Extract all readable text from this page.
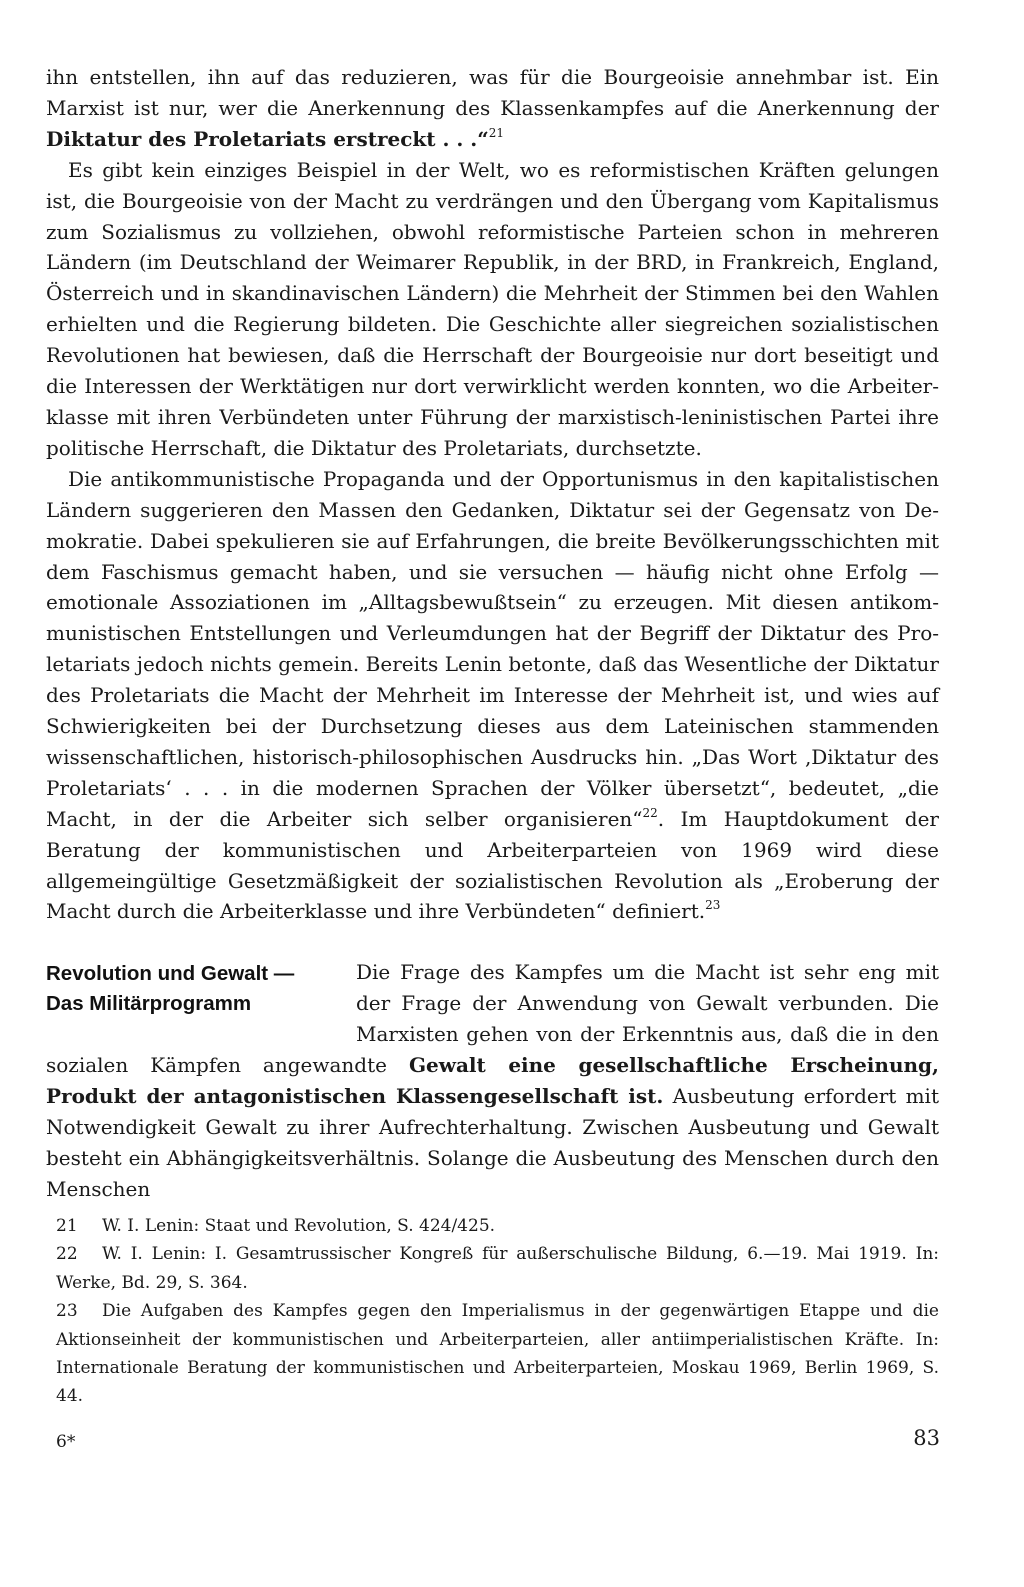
ihn entstellen, ihn auf das reduzieren, was für die Bourgeoisie annehmbar ist. Ein Marxist ist nur, wer die Anerkennung des Klassenkampfes auf die Anerkennung der Diktatur des Proletariats erstreckt . . .“$^{21}$

Es gibt kein einziges Beispiel in der Welt, wo es reformistischen Kräften gelungen ist, die Bourgeoisie von der Macht zu verdrängen und den Übergang vom Kapitalismus zum Sozialismus zu vollziehen, obwohl reformistische Parteien schon in mehreren Ländern (im Deutschland der Weimarer Republik, in der BRD, in Frankreich, England, Österreich und in skandinavischen Ländern) die Mehrheit der Stimmen bei den Wahlen erhielten und die Regierung bildeten. Die Geschichte aller siegreichen sozialistischen Revolutionen hat bewiesen, daß die Herrschaft der Bourgeoisie nur dort beseitigt und die Interessen der Werktätigen nur dort verwirklicht werden konnten, wo die Arbeiterklasse mit ihren Verbündeten unter Führung der marxistisch-leninistischen Partei ihre politische Herrschaft, die Diktatur des Proletariats, durchsetzte.

Die antikommunistische Propaganda und der Opportunismus in den kapitalistischen Ländern suggerieren den Massen den Gedanken, Diktatur sei der Gegensatz von Demokratie. Dabei spekulieren sie auf Erfahrungen, die breite Bevölkerungsschichten mit dem Faschismus gemacht haben, und sie versuchen — häufig nicht ohne Erfolg — emotionale Assoziationen im „Alltagsbewußtsein“ zu erzeugen. Mit diesen antikommunistischen Entstellungen und Verleumdungen hat der Begriff der Diktatur des Proletariats jedoch nichts gemein. Bereits Lenin betonte, daß das Wesentliche der Diktatur des Proletariats die Macht der Mehrheit im Interesse der Mehrheit ist, und wies auf Schwierigkeiten bei der Durchsetzung dieses aus dem Lateinischen stammenden wissenschaftlichen, historisch-philosophischen Ausdrucks hin. „Das Wort ‚Diktatur des Proletariats‘ . . . in die modernen Sprachen der Völker übersetzt“, bedeutet, „die Macht, in der die Arbeiter sich selber organisieren“$^{22}$. Im Hauptdokument der Beratung der kommunistischen und Arbeiterparteien von 1969 wird diese allgemeingültige Gesetzmäßigkeit der sozialistischen Revolution als „Eroberung der Macht durch die Arbeiterklasse und ihre Verbündeten“ definiert.$^{23}$

Revolution und Gewalt —
Das Militärprogramm

Die Frage des Kampfes um die Macht ist sehr eng mit der Frage der Anwendung von Gewalt verbunden. Die Marxisten gehen von der Erkenntnis aus, daß die in den sozialen Kämpfen angewandte Gewalt eine gesellschaftliche Erscheinung, Produkt der antagonistischen Klassengesellschaft ist. Ausbeutung erfordert mit Notwendigkeit Gewalt zu ihrer Aufrechterhaltung. Zwischen Ausbeutung und Gewalt besteht ein Abhängigkeitsverhältnis. Solange die Ausbeutung des Menschen durch den Menschen

21 W. I. Lenin: Staat und Revolution, S. 424/425.

22 W. I. Lenin: I. Gesamtrussischer Kongreß für außerschulische Bildung, 6.—19. Mai 1919. In: Werke, Bd. 29, S. 364.

23 Die Aufgaben des Kampfes gegen den Imperialismus in der gegenwärtigen Etappe und die Aktionseinheit der kommunistischen und Arbeiterparteien, aller antiimperialistischen Kräfte. In: Internationale Beratung der kommunistischen und Arbeiterparteien, Moskau 1969, Berlin 1969, S. 44.

6*	83
